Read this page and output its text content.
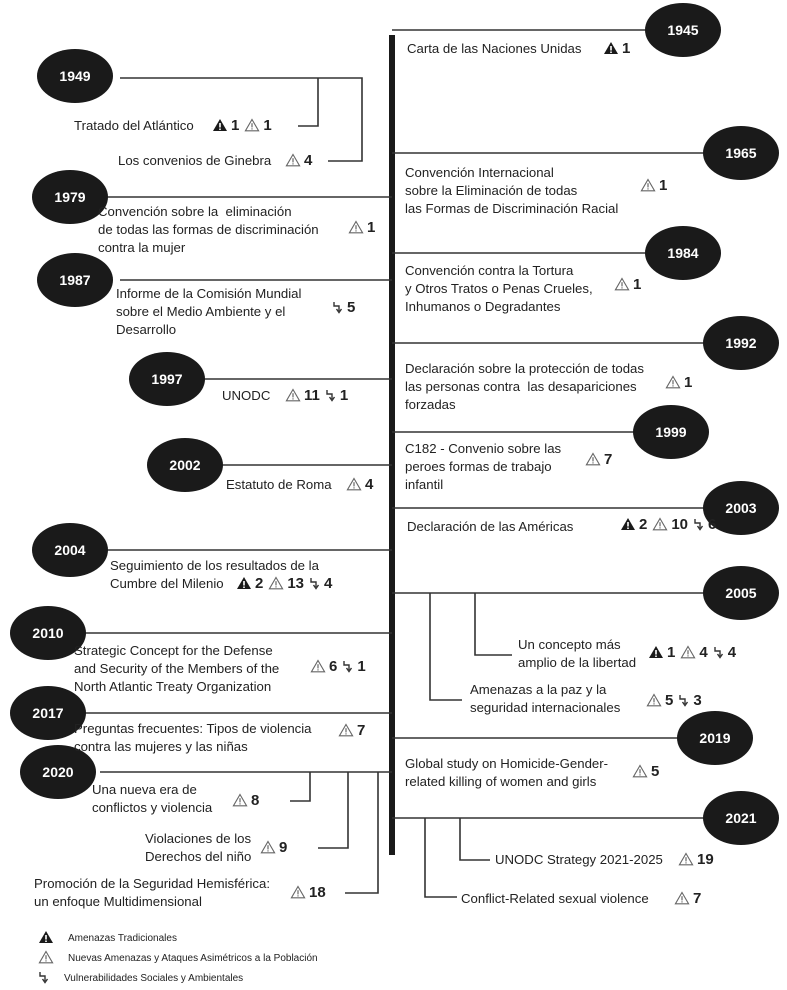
1945
1949
1965
1979
1984
1987
1992
1997
1999
2002
2003
2004
2005
2010
2017
2019
2020
2021
Carta de las Naciones Unidas
Tratado del Atlántico
Los convenios de Ginebra
Convención Internacional
sobre la Eliminación de todas
las Formas de Discriminación Racial
Convención sobre la  eliminación
de todas las formas de discriminación
contra la mujer
Convención contra la Tortura
y Otros Tratos o Penas Crueles,
Inhumanos o Degradantes
Informe de la Comisión Mundial
sobre el Medio Ambiente y el
Desarrollo
Declaración sobre la protección de todas
las personas contra  las desapariciones
forzadas
UNODC
C182 - Convenio sobre las
peroes formas de trabajo
infantil
Estatuto de Roma
Declaración de las Américas
Seguimiento de los resultados de la
Cumbre del Milenio
Un concepto más
amplio de la libertad
Amenazas a la paz y la
seguridad internacionales
Strategic Concept for the Defense
and Security of the Members of the
North Atlantic Treaty Organization
Preguntas frecuentes: Tipos de violencia
contra las mujeres y las niñas
Global study on Homicide-Gender-
related killing of women and girls
Una nueva era de
conflictos y violencia
Violaciones de los
Derechos del niño
Promoción de la Seguridad Hemisférica:
un enfoque Multidimensional
UNODC Strategy 2021-2025
Conflict-Related sexual violence
1
1 1
4
1
1
1
5
1
11 1
7
4
2 10 6
2 13 4
1 4 4
5 3
6 1
7
5
8
9
18
19
7
Amenazas Tradicionales
Nuevas Amenazas y Ataques Asimétricos a la Población
Vulnerabilidades Sociales y Ambientales
